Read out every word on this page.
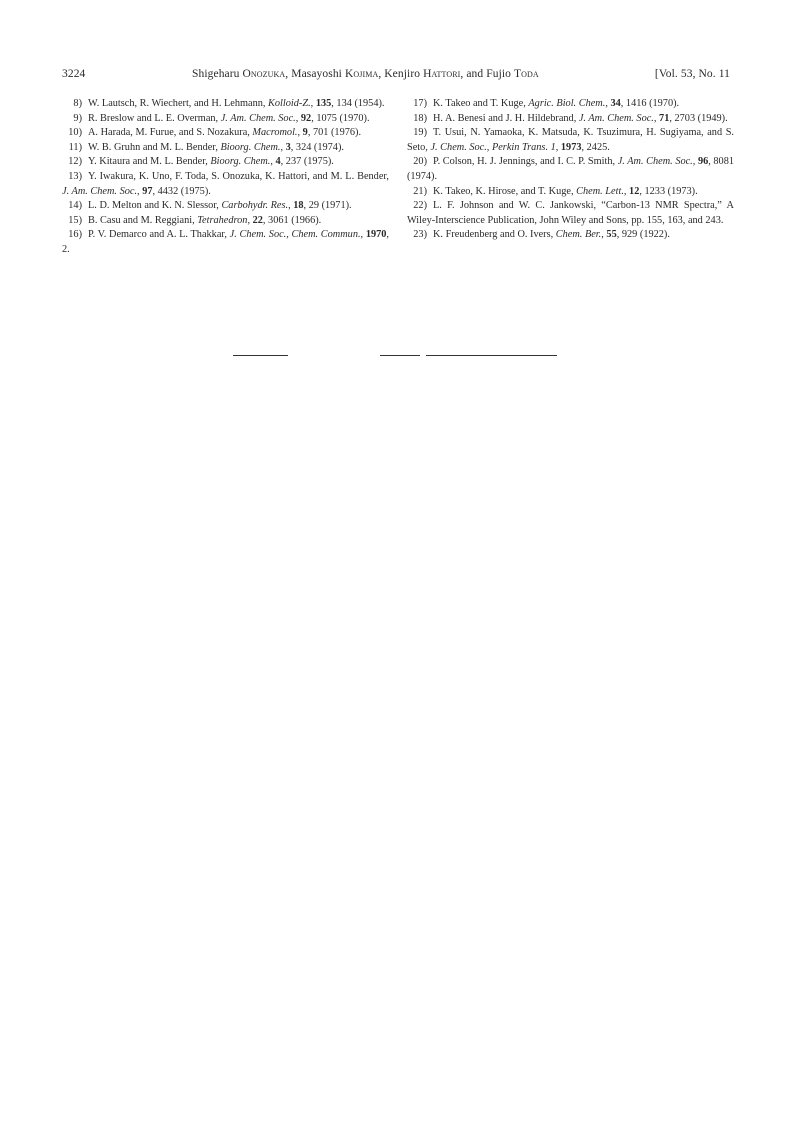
3224	Shigeharu Onozuka, Masayoshi Kojima, Kenjiro Hattori, and Fujio Toda	[Vol. 53, No. 11
8) W. Lautsch, R. Wiechert, and H. Lehmann, Kolloid-Z., 135, 134 (1954).
9) R. Breslow and L. E. Overman, J. Am. Chem. Soc., 92, 1075 (1970).
10) A. Harada, M. Furue, and S. Nozakura, Macromol., 9, 701 (1976).
11) W. B. Gruhn and M. L. Bender, Bioorg. Chem., 3, 324 (1974).
12) Y. Kitaura and M. L. Bender, Bioorg. Chem., 4, 237 (1975).
13) Y. Iwakura, K. Uno, F. Toda, S. Onozuka, K. Hattori, and M. L. Bender, J. Am. Chem. Soc., 97, 4432 (1975).
14) L. D. Melton and K. N. Slessor, Carbohydr. Res., 18, 29 (1971).
15) B. Casu and M. Reggiani, Tetrahedron, 22, 3061 (1966).
16) P. V. Demarco and A. L. Thakkar, J. Chem. Soc., Chem. Commun., 1970, 2.
17) K. Takeo and T. Kuge, Agric. Biol. Chem., 34, 1416 (1970).
18) H. A. Benesi and J. H. Hildebrand, J. Am. Chem. Soc., 71, 2703 (1949).
19) T. Usui, N. Yamaoka, K. Matsuda, K. Tsuzimura, H. Sugiyama, and S. Seto, J. Chem. Soc., Perkin Trans. 1, 1973, 2425.
20) P. Colson, H. J. Jennings, and I. C. P. Smith, J. Am. Chem. Soc., 96, 8081 (1974).
21) K. Takeo, K. Hirose, and T. Kuge, Chem. Lett., 12, 1233 (1973).
22) L. F. Johnson and W. C. Jankowski, “Carbon-13 NMR Spectra,” A Wiley-Interscience Publication, John Wiley and Sons, pp. 155, 163, and 243.
23) K. Freudenberg and O. Ivers, Chem. Ber., 55, 929 (1922).
